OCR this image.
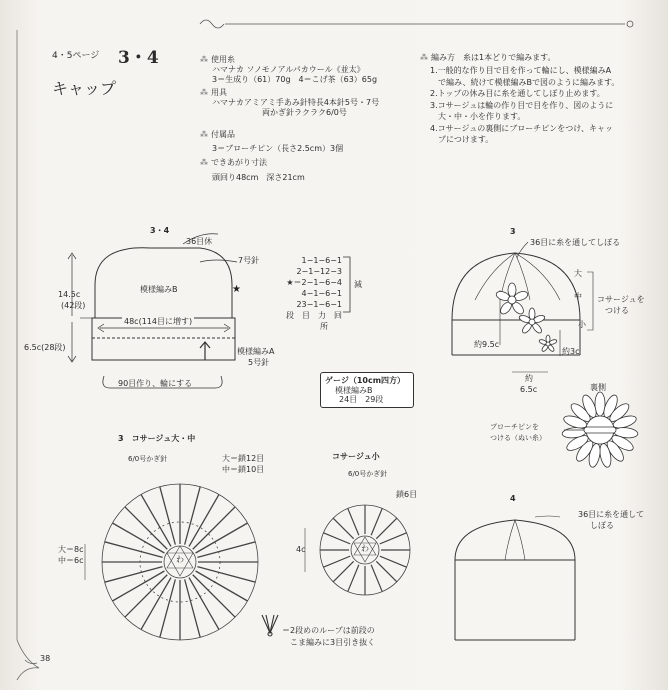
★
4・5ページ 3・4
キャップ
⁂ 使用糸
ハマナカ ソノモノアルパカウール《並太》
3＝生成り（61）70g　4＝こげ茶（63）65g
⁂ 用具
ハマナカアミアミ手あみ針特長4本針5号・7号
両かぎ針ラクラク6/0号
⁂ 付属品
3＝ブローチピン（長さ2.5cm）3個
⁂ できあがり寸法
頭回り48cm　深さ21cm
⁂ 編み方　糸は1本どりで編みます。
1.一般的な作り目で目を作って輪にし、模様編みA
　で編み、続けて模様編みBで図のように編みます。
2.トップの休み目に糸を通してしぼり止めます。
3.コサージュは輪の作り目で目を作り、図のように
　大・中・小を作ります。
4.コサージュの裏側にブローチピンをつけ、キャッ
　プにつけます。
3・4
36目休
7号針
14.5c
(42段)
模様編みB
48c(114目に増す)
6.5c(28段)	模様編みA
5号針
90目作り、輪にする
1−1−6−1
2−1−12−3
★＝2−1−6−4
4−1−6−1
23−1−6−1
段　目　力　回
所
減
ゲージ（10cm四方）
模様編みB
24目　29段
3
36目に糸を通してしぼる
大
中
小
コサージュを
つける
約9.5c
約3c
約
6.5c	裏側
ブローチピンを
つける（ぬい糸）
3　コサージュ大・中
6/0号かぎ針	大＝鎖12目
中＝鎖10目
大＝8c
中＝6c	わ
コサージュ小
6/0号かぎ針
鎖6目
4c	わ
4
36目に糸を通して
しぼる
＝2段めのループは前段の
こま編みに3目引き抜く
38
